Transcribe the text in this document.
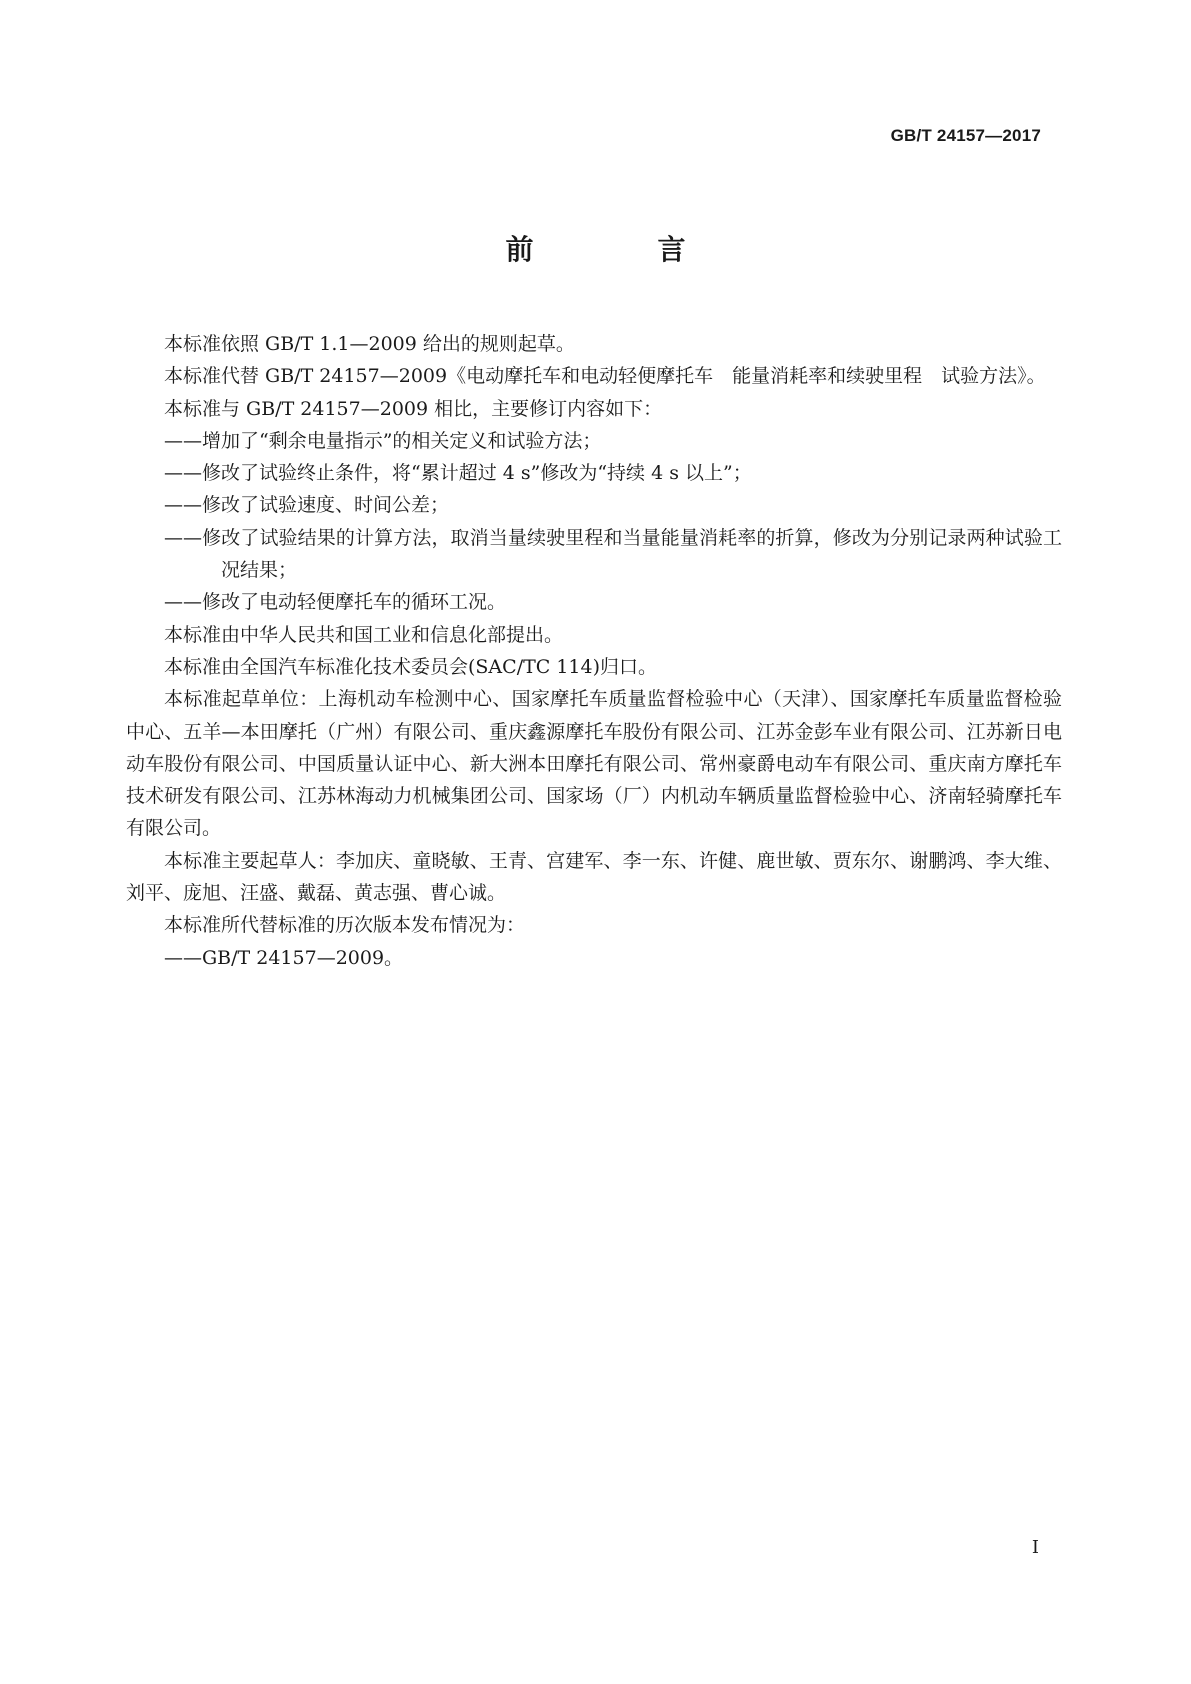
GB/T 24157—2017
前　言

本标准依照 GB/T 1.1—2009 给出的规则起草。

本标准代替 GB/T 24157—2009《电动摩托车和电动轻便摩托车　能量消耗率和续驶里程　试验方法》。

本标准与 GB/T 24157—2009 相比，主要修订内容如下：

——增加了“剩余电量指示”的相关定义和试验方法；

——修改了试验终止条件，将“累计超过 4 s”修改为“持续 4 s 以上”；

——修改了试验速度、时间公差；

——修改了试验结果的计算方法，取消当量续驶里程和当量能量消耗率的折算，修改为分别记录两种试验工况结果；

——修改了电动轻便摩托车的循环工况。

本标准由中华人民共和国工业和信息化部提出。

本标准由全国汽车标准化技术委员会(SAC/TC 114)归口。

本标准起草单位：上海机动车检测中心、国家摩托车质量监督检验中心（天津）、国家摩托车质量监督检验中心、五羊—本田摩托（广州）有限公司、重庆鑫源摩托车股份有限公司、江苏金彭车业有限公司、江苏新日电动车股份有限公司、中国质量认证中心、新大洲本田摩托有限公司、常州豪爵电动车有限公司、重庆南方摩托车技术研发有限公司、江苏林海动力机械集团公司、国家场（厂）内机动车辆质量监督检验中心、济南轻骑摩托车有限公司。

本标准主要起草人：李加庆、童晓敏、王青、宫建军、李一东、许健、鹿世敏、贾东尔、谢鹏鸿、李大维、刘平、庞旭、汪盛、戴磊、黄志强、曹心诚。

本标准所代替标准的历次版本发布情况为：

——GB/T 24157—2009。

I
